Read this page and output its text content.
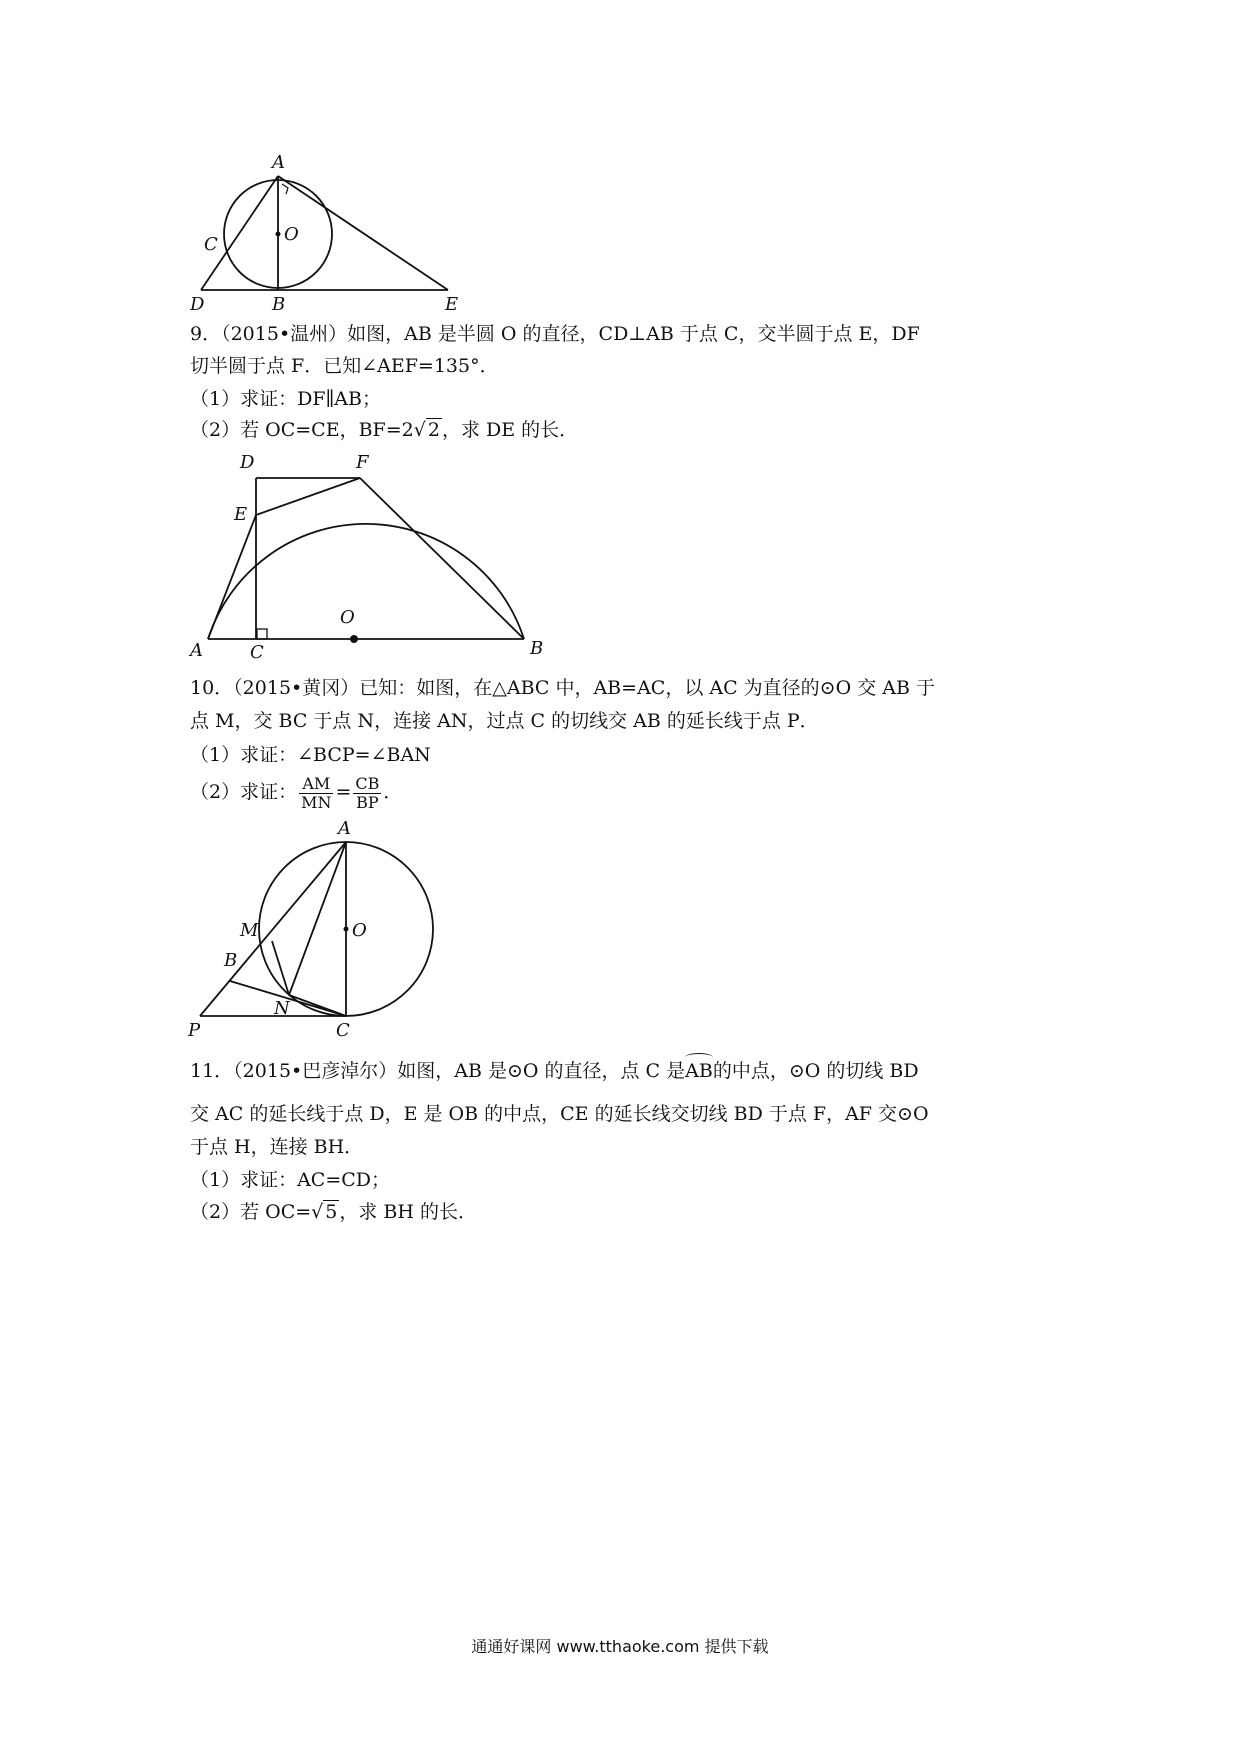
A
O
C
D	B	E
9．（2015•温州）如图，AB 是半圆 O 的直径，CD⊥AB 于点 C，交半圆于点 E，DF
切半圆于点 F．已知∠AEF=135°．
（1）求证：DF∥AB；
（2）若 OC=CE，BF=2√ 2 ，求 DE 的长．
D	F
E
O
A	C	B
10．（2015•黄冈）已知：如图，在△ABC 中，AB=AC，以 AC 为直径的⊙O 交 AB 于
点 M，交 BC 于点 N，连接 AN，过点 C 的切线交 AB 的延长线于点 P．
（1）求证：∠BCP=∠BAN
（2）求证： $\frac{AM}{MN} = \frac{CB}{BP}$ ．
A
M	O
B
N
P	C
11．（2015•巴彦淖尔）如图，AB 是⊙O 的直径，点 C 是AB的中点，⊙O 的切线 BD
交 AC 的延长线于点 D，E 是 OB 的中点，CE 的延长线交切线 BD 于点 F，AF 交⊙O
于点 H，连接 BH．
（1）求证：AC=CD；
（2）若 OC=√ 5 ，求 BH 的长．
通通好课网 www.tthaoke.com 提供下载
